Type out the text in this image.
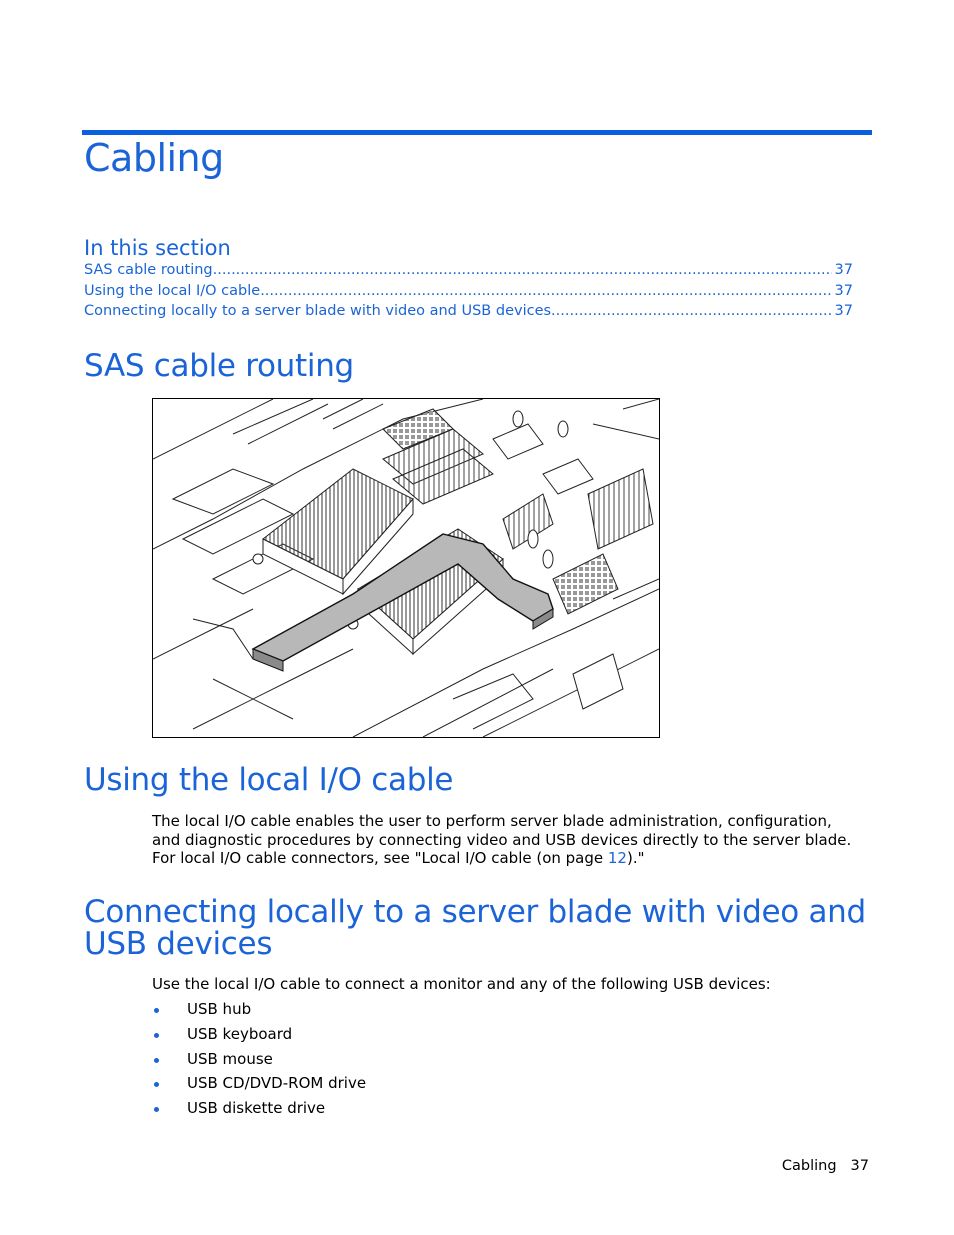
Cabling
In this section
SAS cable routing .....	37
Using the local I/O cable .....	37
Connecting locally to a server blade with video and USB devices .....	37
SAS cable routing
Using the local I/O cable

The local I/O cable enables the user to perform server blade administration, configuration, and diagnostic procedures by connecting video and USB devices directly to the server blade. For local I/O cable connectors, see "Local I/O cable (on page 12)."

Connecting locally to a server blade with video and USB devices

Use the local I/O cable to connect a monitor and any of the following USB devices:

USB hub
USB keyboard
USB mouse
USB CD/DVD-ROM drive
USB diskette drive
Cabling 37
